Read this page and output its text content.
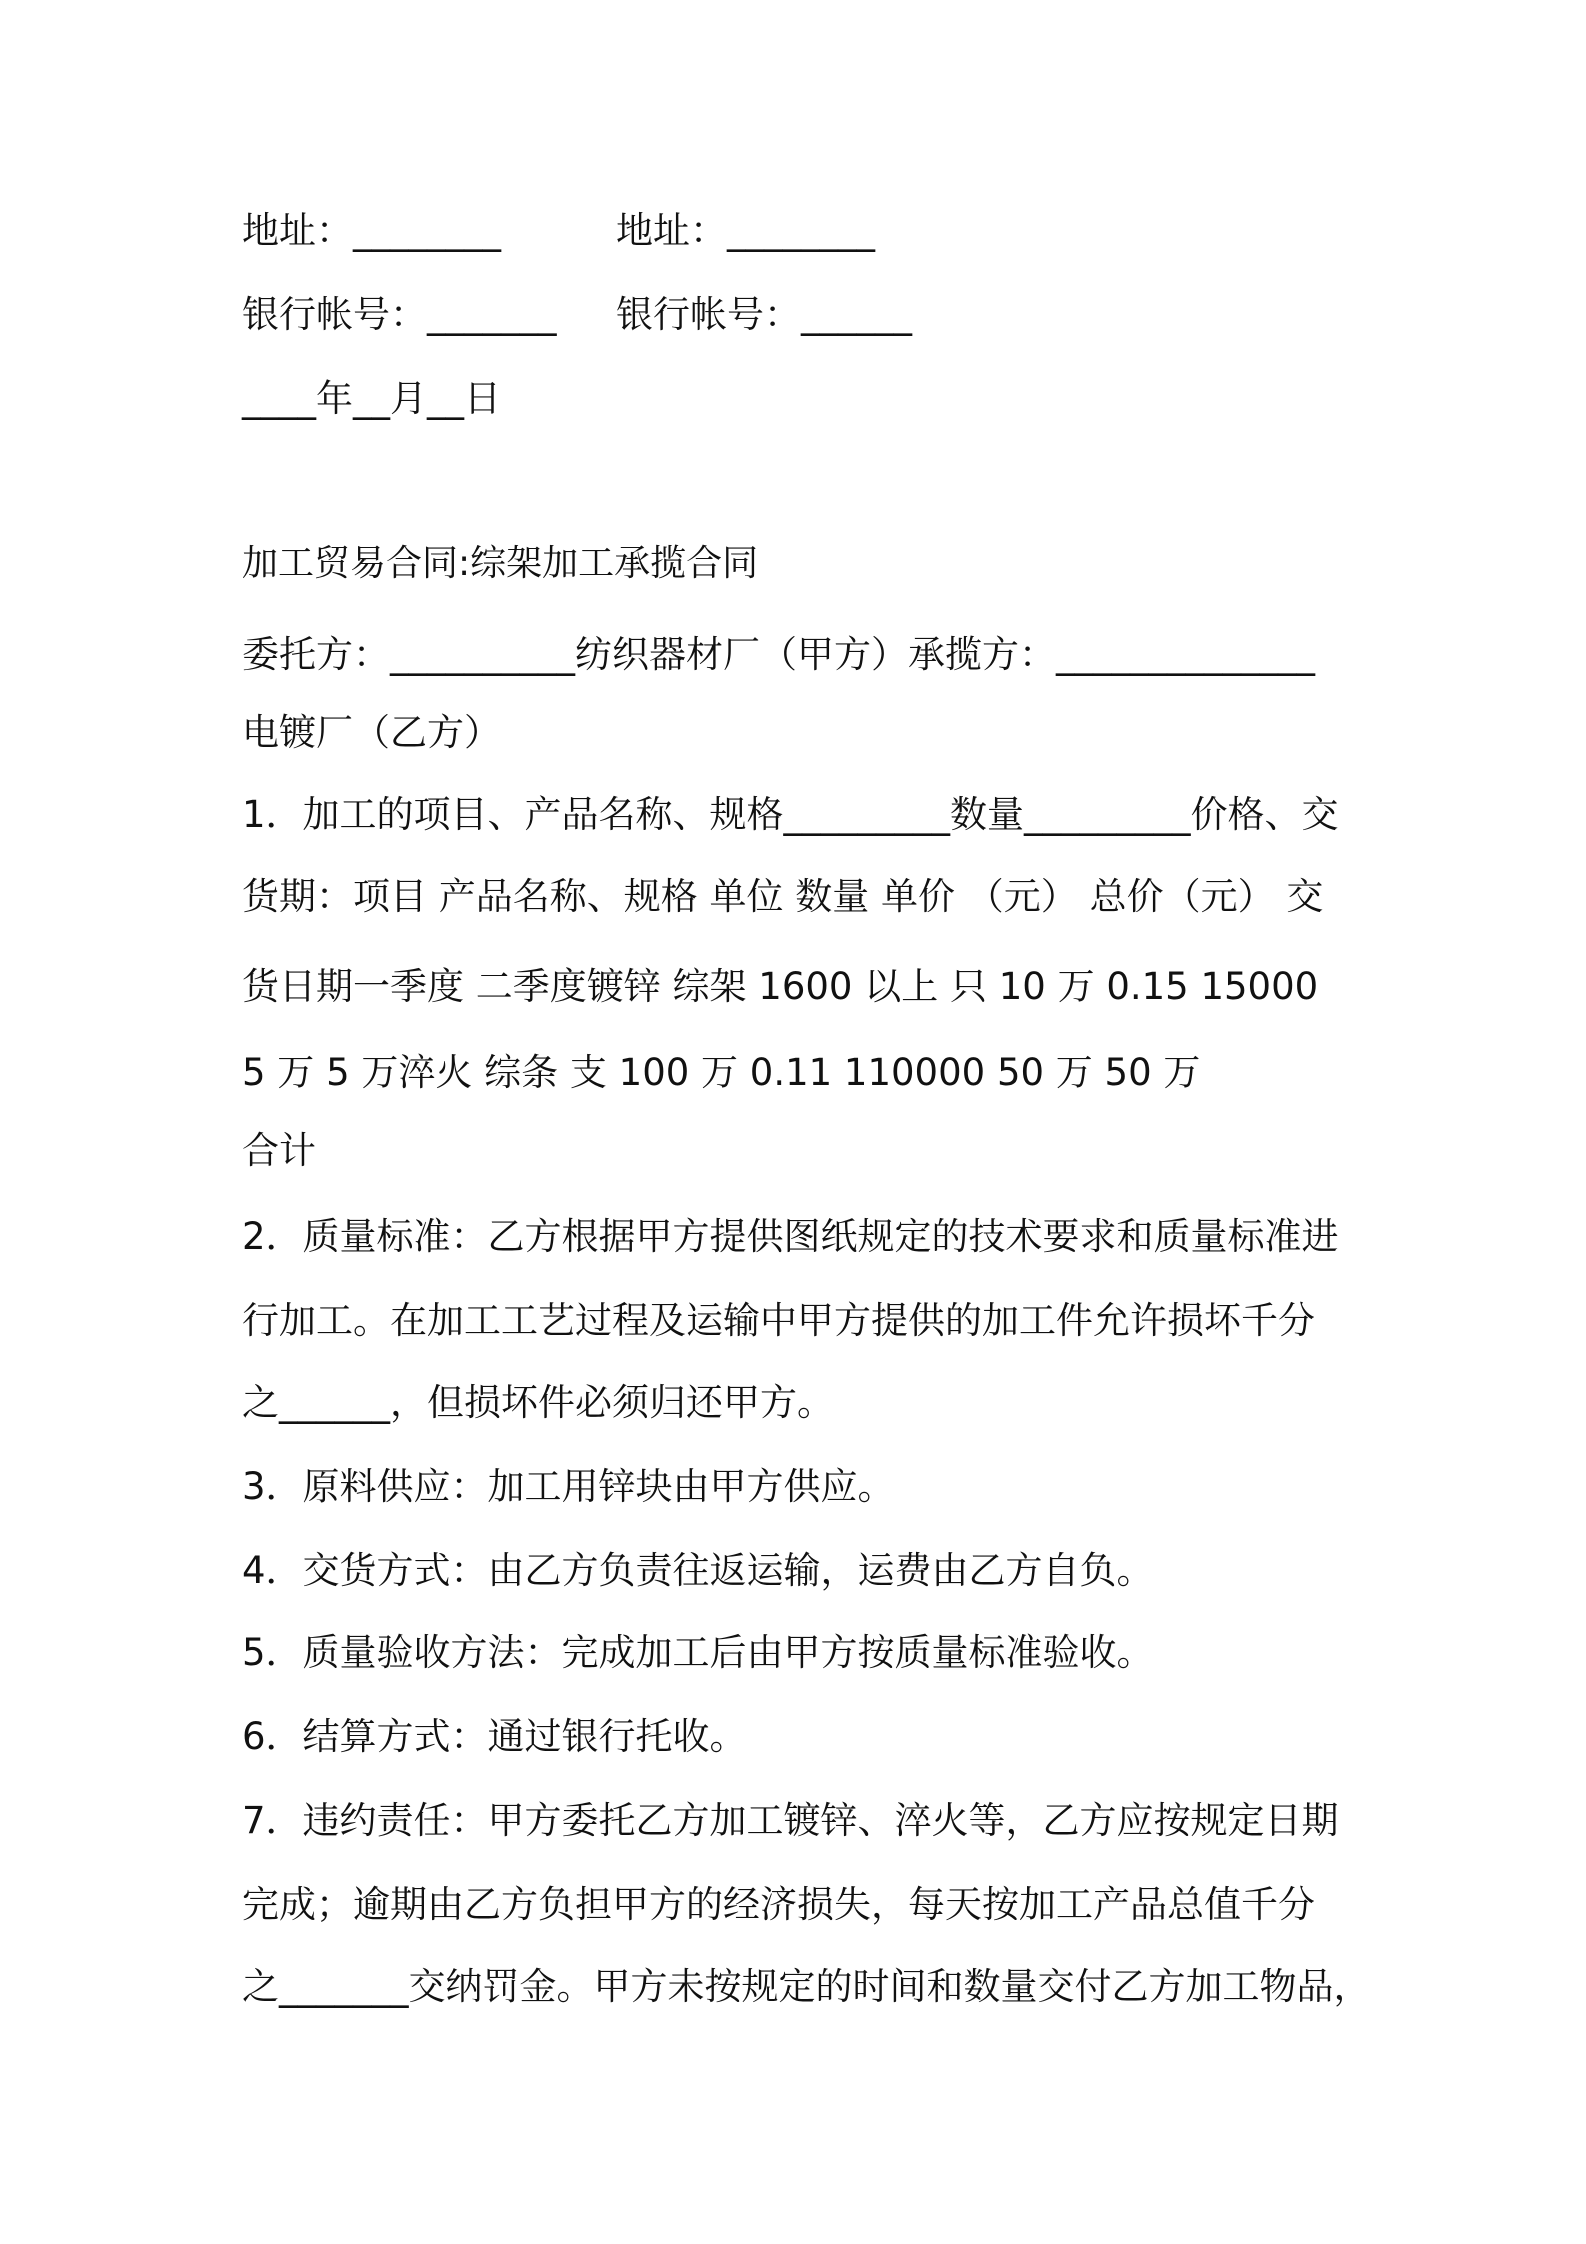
地址：________	地址：________
银行帐号：_______ 银行帐号：______
____年__月__日
加工贸易合同:综架加工承揽合同
委托方：__________纺织器材厂（甲方）承揽方：______________
电镀厂（乙方）
1．加工的项目、产品名称、规格_________数量_________价格、交
货期：项目 产品名称、规格 单位 数量 单价 （元） 总价（元） 交
货日期一季度 二季度镀锌 综架 1600 以上 只 10 万 0.15 15000
5 万 5 万淬火 综条 支 100 万 0.11 110000 50 万 50 万
合计
2．质量标准：乙方根据甲方提供图纸规定的技术要求和质量标准进
行加工。在加工工艺过程及运输中甲方提供的加工件允许损坏千分
之______，但损坏件必须归还甲方。
3．原料供应：加工用锌块由甲方供应。
4．交货方式：由乙方负责往返运输，运费由乙方自负。
5．质量验收方法：完成加工后由甲方按质量标准验收。
6．结算方式：通过银行托收。
7．违约责任：甲方委托乙方加工镀锌、淬火等，乙方应按规定日期
完成；逾期由乙方负担甲方的经济损失，每天按加工产品总值千分
之_______交纳罚金。甲方未按规定的时间和数量交付乙方加工物品，
